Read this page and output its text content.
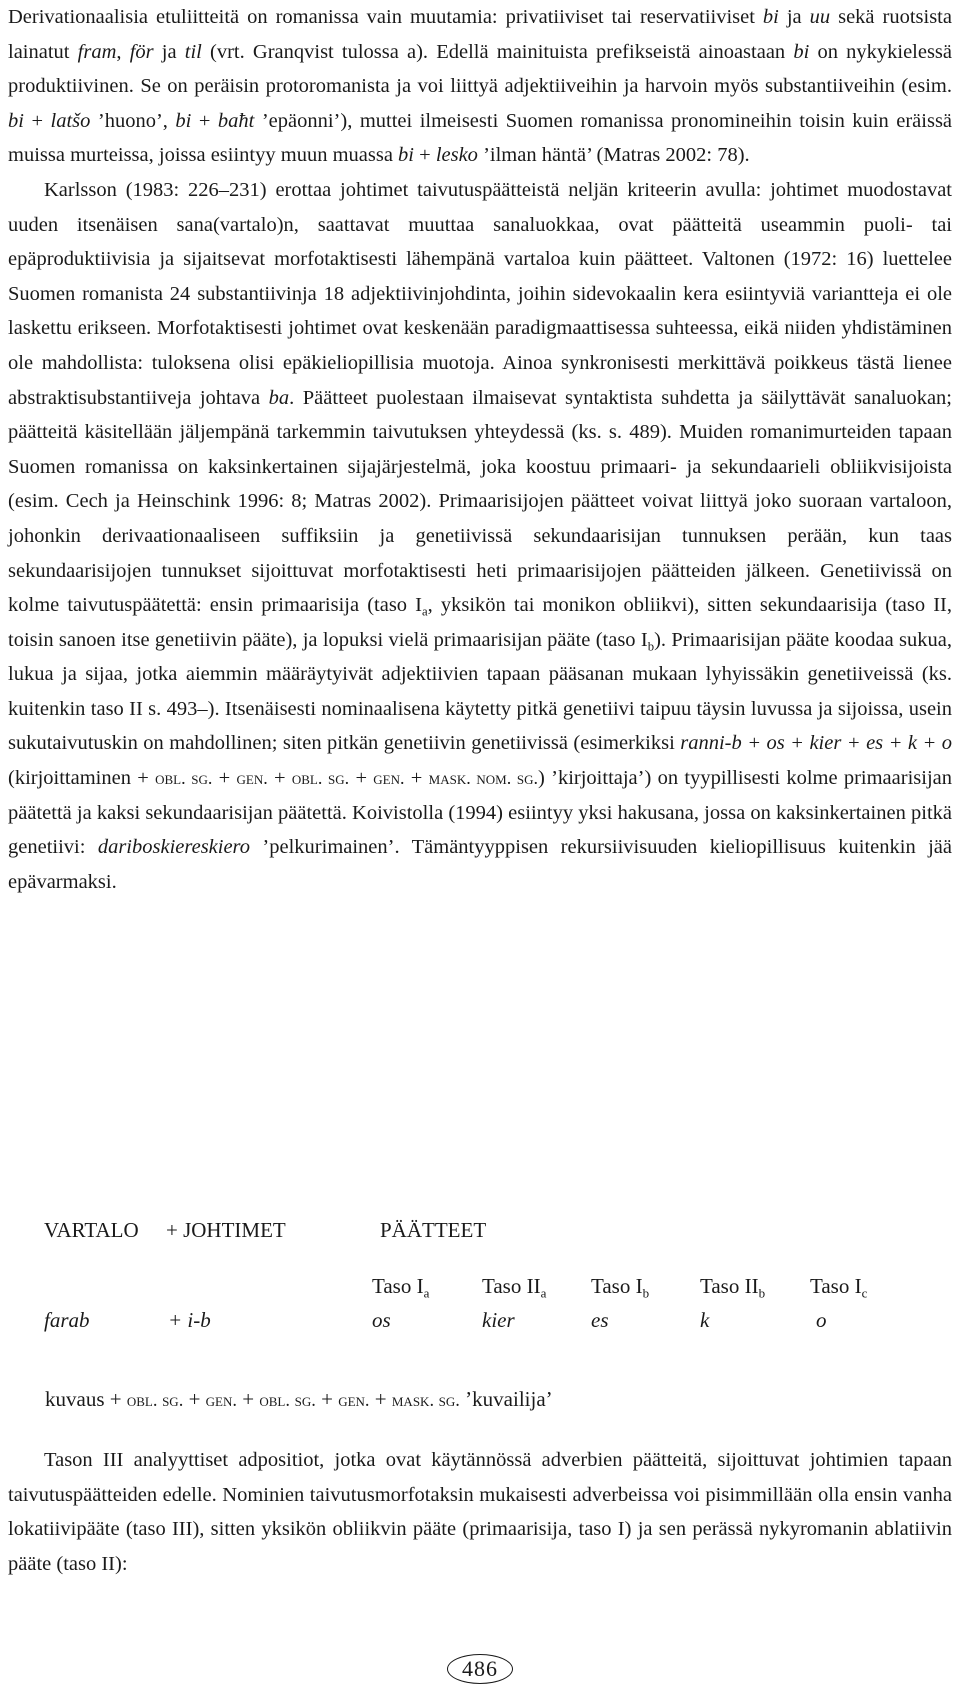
Derivationaalisia etuliitteitä on romanissa vain muutamia: privatiiviset tai reservatiiviset bi ja uu sekä ruotsista lainatut fram, för ja til (vrt. Granqvist tulossa a). Edellä mainituista prefikseistä ainoastaan bi on nykykielessä produktiivinen. Se on peräisin protoromanista ja voi liittyä adjektiiveihin ja harvoin myös substantiiveihin (esim. bi + latšo ’huono’, bi + baћt ’epäonni’), muttei ilmeisesti Suomen romanissa pronomineihin toisin kuin eräissä muissa murteissa, joissa esiintyy muun muassa bi + lesko ’ilman häntä’ (Matras 2002: 78).

Karlsson (1983: 226–231) erottaa johtimet taivutuspäätteistä neljän kriteerin avulla: johtimet muodostavat uuden itsenäisen sana(vartalo)n, saattavat muuttaa sanaluokkaa, ovat päätteitä useammin puoli- tai epäproduktiivisia ja sijaitsevat morfotaktisesti lähempänä vartaloa kuin päätteet. Valtonen (1972: 16) luettelee Suomen romanista 24 substantiivinja 18 adjektiivinjohdinta, joihin sidevokaalin kera esiintyviä variantteja ei ole laskettu erikseen. Morfotaktisesti johtimet ovat keskenään paradigmaattisessa suhteessa, eikä niiden yhdistäminen ole mahdollista: tuloksena olisi epäkieliopillisia muotoja. Ainoa synkronisesti merkittävä poikkeus tästä lienee abstraktisubstantiiveja johtava ba. Päätteet puolestaan ilmaisevat syntaktista suhdetta ja säilyttävät sanaluokan; päätteitä käsitellään jäljempänä tarkemmin taivutuksen yhteydessä (ks. s. 489). Muiden romanimurteiden tapaan Suomen romanissa on kaksinkertainen sijajärjestelmä, joka koostuu primaari- ja sekundaarieli obliikvisijoista (esim. Cech ja Heinschink 1996: 8; Matras 2002). Primaarisijojen päätteet voivat liittyä joko suoraan vartaloon, johonkin derivaationaaliseen suffiksiin ja genetiivissä sekundaarisijan tunnuksen perään, kun taas sekundaarisijojen tunnukset sijoittuvat morfotaktisesti heti primaarisijojen päätteiden jälkeen. Genetiivissä on kolme taivutuspäätettä: ensin primaarisija (taso $I_a$, yksikön tai monikon obliikvi), sitten sekundaarisija (taso II, toisin sanoen itse genetiivin pääte), ja lopuksi vielä primaarisijan pääte (taso $I_b$). Primaarisijan pääte koodaa sukua, lukua ja sijaa, jotka aiemmin määräytyivät adjektiivien tapaan pääsanan mukaan lyhyissäkin genetiiveissä (ks. kuitenkin taso II s. 493–). Itsenäisesti nominaalisena käytetty pitkä genetiivi taipuu täysin luvussa ja sijoissa, usein sukutaivutuskin on mahdollinen; siten pitkän genetiivin genetiivissä (esimerkiksi ranni-b + os + kier + es + k + o (kirjoittaminen + obl. sg. + gen. + obl. sg. + gen. + mask. nom. sg.) ’kirjoittaja’) on tyypillisesti kolme primaarisijan päätettä ja kaksi sekundaarisijan päätettä. Koivistolla (1994) esiintyy yksi hakusana, jossa on kaksinkertainen pitkä genetiivi: dariboskiereskiero ’pelkurimainen’. Tämäntyyppisen rekursiivisuuden kieliopillisuus kuitenkin jää epävarmaksi.

VARTALO + JOHTIMET	PÄÄTTEET
Taso $I_a$	Taso $II_a$ Taso $I_b$ Taso $II_b$ Taso $I_c$
farab	+ i-b	os	kier	es	k	o
kuvaus + obl. sg. + gen. + obl. sg. + gen. + mask. sg. ’kuvailija’

Tason III analyyttiset adpositiot, jotka ovat käytännössä adverbien päätteitä, sijoittuvat johtimien tapaan taivutuspäätteiden edelle. Nominien taivutusmorfotaksin mukaisesti adverbeissa voi pisimmillään olla ensin vanha lokatiivipääte (taso III), sitten yksikön obliikvin pääte (primaarisija, taso I) ja sen perässä nykyromanin ablatiivin pääte (taso II):

486
